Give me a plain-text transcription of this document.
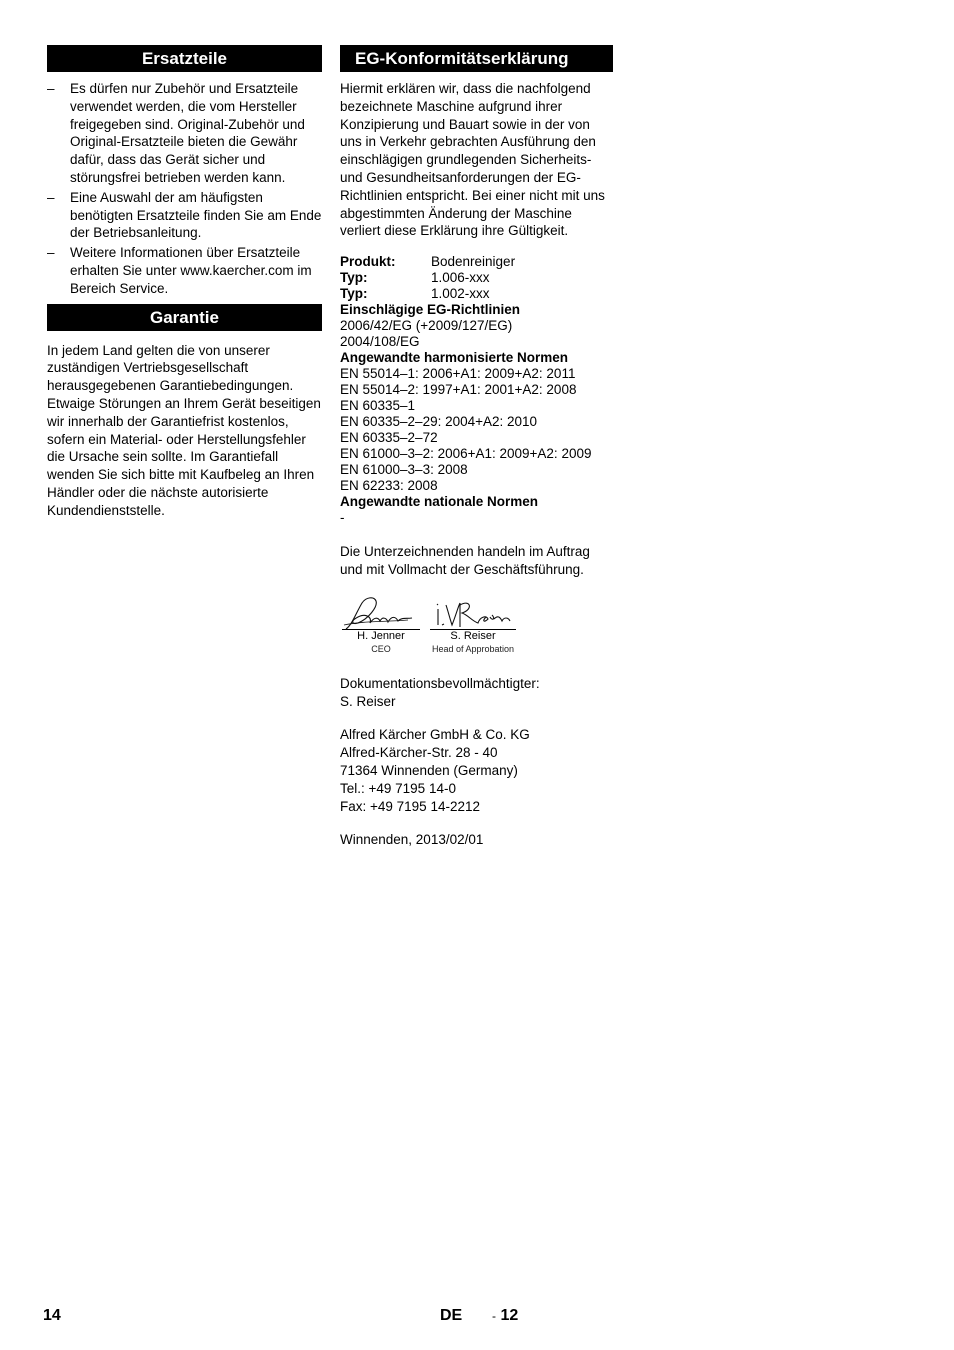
Ersatzteile
– Es dürfen nur Zubehör und Ersatzteile verwendet werden, die vom Hersteller freigegeben sind. Original-Zubehör und Original-Ersatzteile bieten die Gewähr dafür, dass das Gerät sicher und störungsfrei betrieben werden kann.
– Eine Auswahl der am häufigsten benötigten Ersatzteile finden Sie am Ende der Betriebsanleitung.
– Weitere Informationen über Ersatzteile erhalten Sie unter www.kaercher.com im Bereich Service.
Garantie

In jedem Land gelten die von unserer zuständigen Vertriebsgesellschaft herausgegebenen Garantiebedingungen. Etwaige Störungen an Ihrem Gerät beseitigen wir innerhalb der Garantiefrist kostenlos, sofern ein Material- oder Herstellungsfehler die Ursache sein sollte. Im Garantiefall wenden Sie sich bitte mit Kaufbeleg an Ihren Händler oder die nächste autorisierte Kundendienststelle.

EG-Konformitätserklärung

Hiermit erklären wir, dass die nachfolgend bezeichnete Maschine aufgrund ihrer Konzipierung und Bauart sowie in der von uns in Verkehr gebrachten Ausführung den einschlägigen grundlegenden Sicherheits- und Gesundheitsanforderungen der EG-Richtlinien entspricht. Bei einer nicht mit uns abgestimmten Änderung der Maschine verliert diese Erklärung ihre Gültigkeit.

Produkt:	Bodenreiniger
Typ:	1.006-xxx
Typ:	1.002-xxx
Einschlägige EG-Richtlinien
2006/42/EG (+2009/127/EG)
2004/108/EG
Angewandte harmonisierte Normen
EN 55014–1: 2006+A1: 2009+A2: 2011
EN 55014–2: 1997+A1: 2001+A2: 2008
EN 60335–1
EN 60335–2–29: 2004+A2: 2010
EN 60335–2–72
EN 61000–3–2: 2006+A1: 2009+A2: 2009
EN 61000–3–3: 2008
EN 62233: 2008
Angewandte nationale Normen
-

Die Unterzeichnenden handeln im Auftrag und mit Vollmacht der Geschäftsführung.

H. Jenner
CEO
S. Reiser
Head of Approbation
Dokumentationsbevollmächtigter:
S. Reiser
Alfred Kärcher GmbH & Co. KG
Alfred-Kärcher-Str. 28 - 40
71364 Winnenden (Germany)
Tel.: +49 7195 14-0
Fax: +49 7195 14-2212
Winnenden, 2013/02/01
14	DE - 12
